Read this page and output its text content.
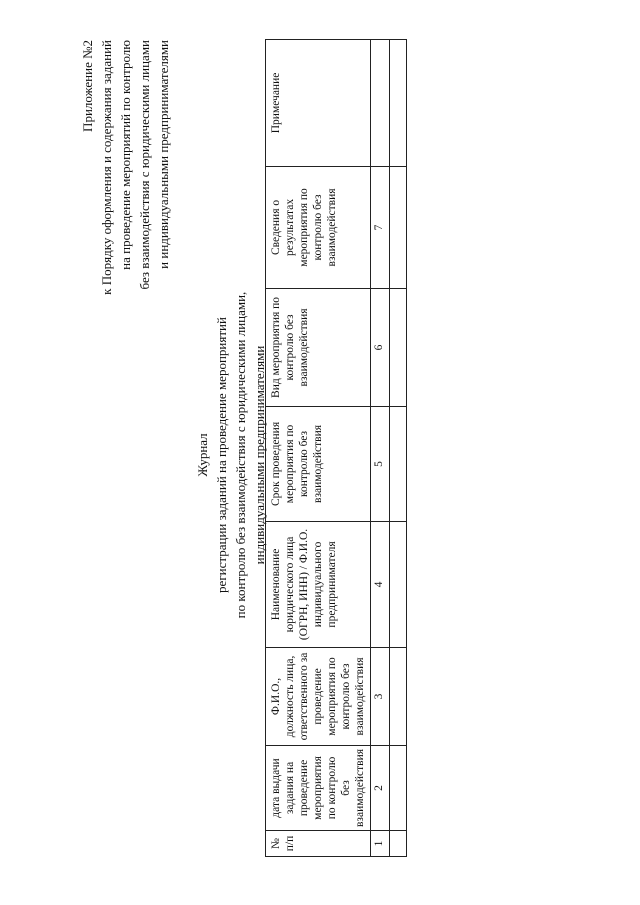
Приложение №2 к Порядку оформления и содержания заданий на проведение мероприятий по контролю без взаимодействия с юридическими лицами и индивидуальными предпринимателями
Журнал регистрации заданий на проведение мероприятий по контролю без взаимодействия с юридическими лицами, индивидуальными предпринимателями
№ п/п	дата выдачи задания на проведение мероприятия по контролю без взаимодействия	Ф.И.О., должность лица, ответственного за проведение мероприятия по контролю без взаимодействия	Наименование юридического лица (ОГРН, ИНН) / Ф.И.О. индивидуального предпринимателя	Срок проведения мероприятия по контролю без взаимодействия	Вид мероприятия по контролю без взаимодействия	Сведения о результатах мероприятия по контролю без взаимодействия	Примечание
1	2	3	4	5	6	7	
